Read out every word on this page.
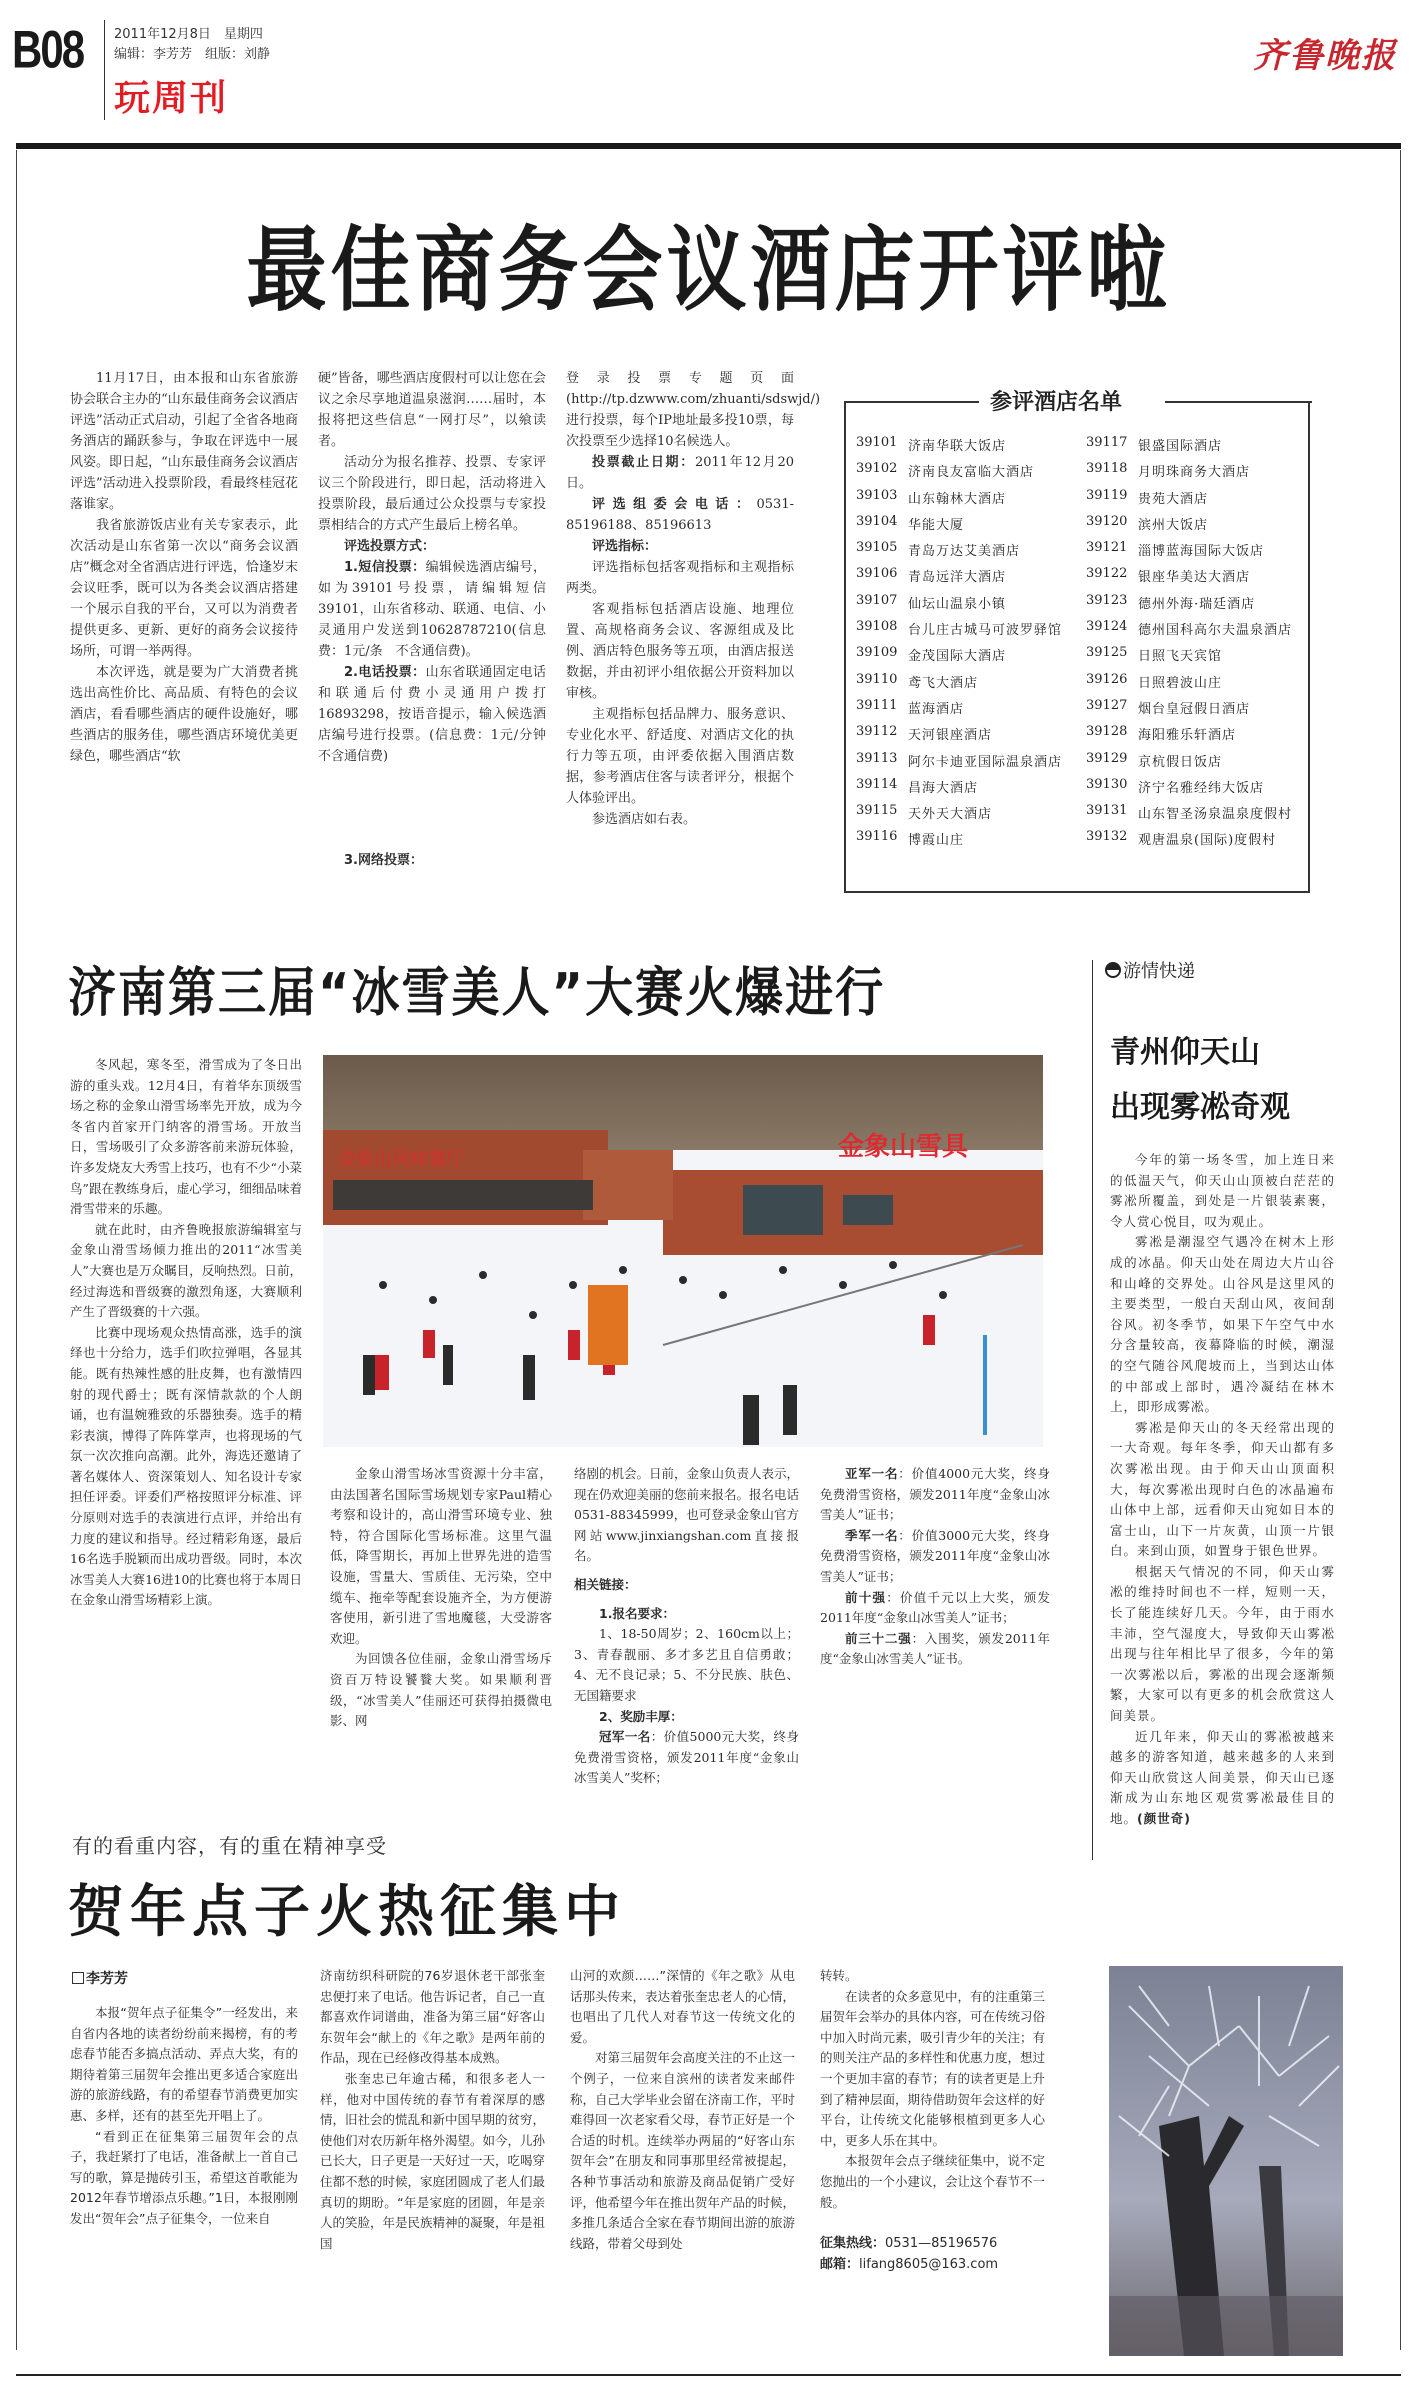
B08 2011年12月8日　星期四
编辑：李芳芳　组版：刘静
玩周刊
齐鲁晚报
最佳商务会议酒店开评啦

11月17日，由本报和山东省旅游协会联合主办的“山东最佳商务会议酒店评选”活动正式启动，引起了全省各地商务酒店的踊跃参与，争取在评选中一展风姿。即日起，“山东最佳商务会议酒店评选”活动进入投票阶段，看最终桂冠花落谁家。

我省旅游饭店业有关专家表示，此次活动是山东省第一次以“商务会议酒店”概念对全省酒店进行评选，恰逢岁末会议旺季，既可以为各类会议酒店搭建一个展示自我的平台，又可以为消费者提供更多、更新、更好的商务会议接待场所，可谓一举两得。

本次评选，就是要为广大消费者挑选出高性价比、高品质、有特色的会议酒店，看看哪些酒店的硬件设施好，哪些酒店的服务佳，哪些酒店环境优美更绿色，哪些酒店“软

硬”皆备，哪些酒店度假村可以让您在会议之余尽享地道温泉滋润……届时，本报将把这些信息“一网打尽”，以飨读者。

活动分为报名推荐、投票、专家评议三个阶段进行，即日起，活动将进入投票阶段，最后通过公众投票与专家投票相结合的方式产生最后上榜名单。

评选投票方式：

1.短信投票：编辑候选酒店编号，如为39101号投票，请编辑短信39101，山东省移动、联通、电信、小灵通用户发送到10628787210(信息费：1元/条　不含通信费)。

2.电话投票：山东省联通固定电话和联通后付费小灵通用户拨打16893298，按语音提示，输入候选酒店编号进行投票。(信息费：1元/分钟　不含通信费)

3.网络投票：

登录投票专题页面(http://tp.dzwww.com/zhuanti/sdswjd/)进行投票，每个IP地址最多投10票，每次投票至少选择10名候选人。

投票截止日期：2011年12月20日。

评选组委会电话：0531-85196188、85196613

评选指标：

评选指标包括客观指标和主观指标两类。

客观指标包括酒店设施、地理位置、高规格商务会议、客源组成及比例、酒店特色服务等五项，由酒店报送数据，并由初评小组依据公开资料加以审核。

主观指标包括品牌力、服务意识、专业化水平、舒适度、对酒店文化的执行力等五项，由评委依据入围酒店数据，参考酒店住客与读者评分，根据个人体验评出。

参选酒店如右表。

参评酒店名单
39101 济南华联大饭店
39102 济南良友富临大酒店
39103 山东翰林大酒店
39104 华能大厦
39105 青岛万达艾美酒店
39106 青岛远洋大酒店
39107 仙坛山温泉小镇
39108 台儿庄古城马可波罗驿馆
39109 金茂国际大酒店
39110 鸢飞大酒店
39111 蓝海酒店
39112 天河银座酒店
39113 阿尔卡迪亚国际温泉酒店
39114 昌海大酒店
39115 天外天大酒店
39116 博霞山庄
39117 银盛国际酒店
39118 月明珠商务大酒店
39119 贵苑大酒店
39120 滨州大饭店
39121 淄博蓝海国际大饭店
39122 银座华美达大酒店
39123 德州外海·瑞廷酒店
39124 德州国科高尔夫温泉酒店
39125 日照飞天宾馆
39126 日照碧波山庄
39127 烟台皇冠假日酒店
39128 海阳雅乐轩酒店
39129 京杭假日饭店
39130 济宁名雅经纬大饭店
39131 山东智圣汤泉温泉度假村
39132 观唐温泉(国际)度假村
济南第三届“冰雪美人”大赛火爆进行

冬风起，寒冬至，滑雪成为了冬日出游的重头戏。12月4日，有着华东顶级雪场之称的金象山滑雪场率先开放，成为今冬省内首家开门纳客的滑雪场。开放当日，雪场吸引了众多游客前来游玩体验，许多发烧友大秀雪上技巧，也有不少“小菜鸟”跟在教练身后，虚心学习，细细品味着滑雪带来的乐趣。

就在此时，由齐鲁晚报旅游编辑室与金象山滑雪场倾力推出的2011“冰雪美人”大赛也是万众瞩目，反响热烈。日前，经过海选和晋级赛的激烈角逐，大赛顺利产生了晋级赛的十六强。

比赛中现场观众热情高涨，选手的演绎也十分给力，选手们吹拉弹唱，各显其能。既有热辣性感的肚皮舞，也有激情四射的现代爵士；既有深情款款的个人朗诵，也有温婉雅致的乐器独奏。选手的精彩表演，博得了阵阵掌声，也将现场的气氛一次次推向高潮。此外，海选还邀请了著名媒体人、资深策划人、知名设计专家担任评委。评委们严格按照评分标准、评分原则对选手的表演进行点评，并给出有力度的建议和指导。经过精彩角逐，最后16名选手脱颖而出成功晋级。同时，本次冰雪美人大赛16进10的比赛也将于本周日在金象山滑雪场精彩上演。

金象山风味餐厅	金象山雪具

金象山滑雪场冰雪资源十分丰富，由法国著名国际雪场规划专家Paul精心考察和设计的，高山滑雪环境专业、独特，符合国际化雪场标准。这里气温低，降雪期长，再加上世界先进的造雪设施，雪量大、雪质佳、无污染，空中缆车、拖牵等配套设施齐全，为方便游客使用，新引进了雪地魔毯，大受游客欢迎。

为回馈各位佳丽，金象山滑雪场斥资百万特设饕餮大奖。如果顺利晋级，“冰雪美人”佳丽还可获得拍摄微电影、网

络剧的机会。日前，金象山负责人表示，现在仍欢迎美丽的您前来报名。报名电话0531-88345999，也可登录金象山官方网站www.jinxiangshan.com直接报名。

相关链接：

1.报名要求：

1、18-50周岁；2、160cm以上；3、青春靓丽、多才多艺且自信勇敢；4、无不良记录；5、不分民族、肤色、无国籍要求

2、奖励丰厚：

冠军一名：价值5000元大奖，终身免费滑雪资格，颁发2011年度“金象山冰雪美人”奖杯；

亚军一名：价值4000元大奖，终身免费滑雪资格，颁发2011年度“金象山冰雪美人”证书；

季军一名：价值3000元大奖，终身免费滑雪资格，颁发2011年度“金象山冰雪美人”证书；

前十强：价值千元以上大奖，颁发2011年度“金象山冰雪美人”证书；

前三十二强：入围奖，颁发2011年度“金象山冰雪美人”证书。

游情快递
青州仰天山
出现雾凇奇观

今年的第一场冬雪，加上连日来的低温天气，仰天山山顶被白茫茫的雾凇所覆盖，到处是一片银装素裹，令人赏心悦目，叹为观止。

雾凇是潮湿空气遇冷在树木上形成的冰晶。仰天山处在周边大片山谷和山峰的交界处。山谷风是这里风的主要类型，一般白天刮山风，夜间刮谷风。初冬季节，如果下午空气中水分含量较高，夜幕降临的时候，潮湿的空气随谷风爬坡而上，当到达山体的中部或上部时，遇冷凝结在林木上，即形成雾凇。

雾凇是仰天山的冬天经常出现的一大奇观。每年冬季，仰天山都有多次雾凇出现。由于仰天山山顶面积大，每次雾凇出现时白色的冰晶遍布山体中上部，远看仰天山宛如日本的富士山，山下一片灰黄，山顶一片银白。来到山顶，如置身于银色世界。

根据天气情况的不同，仰天山雾凇的维持时间也不一样，短则一天，长了能连续好几天。今年，由于雨水丰沛，空气湿度大，导致仰天山雾凇出现与往年相比早了很多，今年的第一次雾凇以后，雾凇的出现会逐渐频繁，大家可以有更多的机会欣赏这人间美景。

近几年来，仰天山的雾凇被越来越多的游客知道，越来越多的人来到仰天山欣赏这人间美景，仰天山已逐渐成为山东地区观赏雾凇最佳目的地。(颜世奇)

有的看重内容，有的重在精神享受
贺年点子火热征集中
李芳芳

本报“贺年点子征集令”一经发出，来自省内各地的读者纷纷前来揭榜，有的考虑春节能否多搞点活动、弄点大奖，有的期待着第三届贺年会推出更多适合家庭出游的旅游线路，有的希望春节消费更加实惠、多样，还有的甚至先开唱上了。

“看到正在征集第三届贺年会的点子，我赶紧打了电话，准备献上一首自己写的歌，算是抛砖引玉，希望这首歌能为2012年春节增添点乐趣。”1日，本报刚刚发出“贺年会”点子征集令，一位来自

济南纺织科研院的76岁退休老干部张奎忠便打来了电话。他告诉记者，自己一直都喜欢作词谱曲，准备为第三届“好客山东贺年会“献上的《年之歌》是两年前的作品，现在已经修改得基本成熟。

张奎忠已年逾古稀，和很多老人一样，他对中国传统的春节有着深厚的感情，旧社会的慌乱和新中国早期的贫穷，使他们对农历新年格外渴望。如今，儿孙已长大，日子更是一天好过一天，吃喝穿住都不愁的时候，家庭团圆成了老人们最真切的期盼。“年是家庭的团圆，年是亲人的笑脸，年是民族精神的凝聚，年是祖国

山河的欢颜……”深情的《年之歌》从电话那头传来，表达着张奎忠老人的心情，也唱出了几代人对春节这一传统文化的爱。

对第三届贺年会高度关注的不止这一个例子，一位来自滨州的读者发来邮件称，自己大学毕业会留在济南工作，平时难得回一次老家看父母，春节正好是一个合适的时机。连续举办两届的“好客山东贺年会”在朋友和同事那里经常被提起，各种节事活动和旅游及商品促销广受好评，他希望今年在推出贺年产品的时候，多推几条适合全家在春节期间出游的旅游线路，带着父母到处

转转。

在读者的众多意见中，有的注重第三届贺年会举办的具体内容，可在传统习俗中加入时尚元素，吸引青少年的关注；有的则关注产品的多样性和优惠力度，想过一个更加丰富的春节；有的读者更是上升到了精神层面，期待借助贺年会这样的好平台，让传统文化能够根植到更多人心中，更多人乐在其中。

本报贺年会点子继续征集中，说不定您抛出的一个小建议，会让这个春节不一般。

征集热线：0531—85196576
邮箱：lifang8605@163.com
